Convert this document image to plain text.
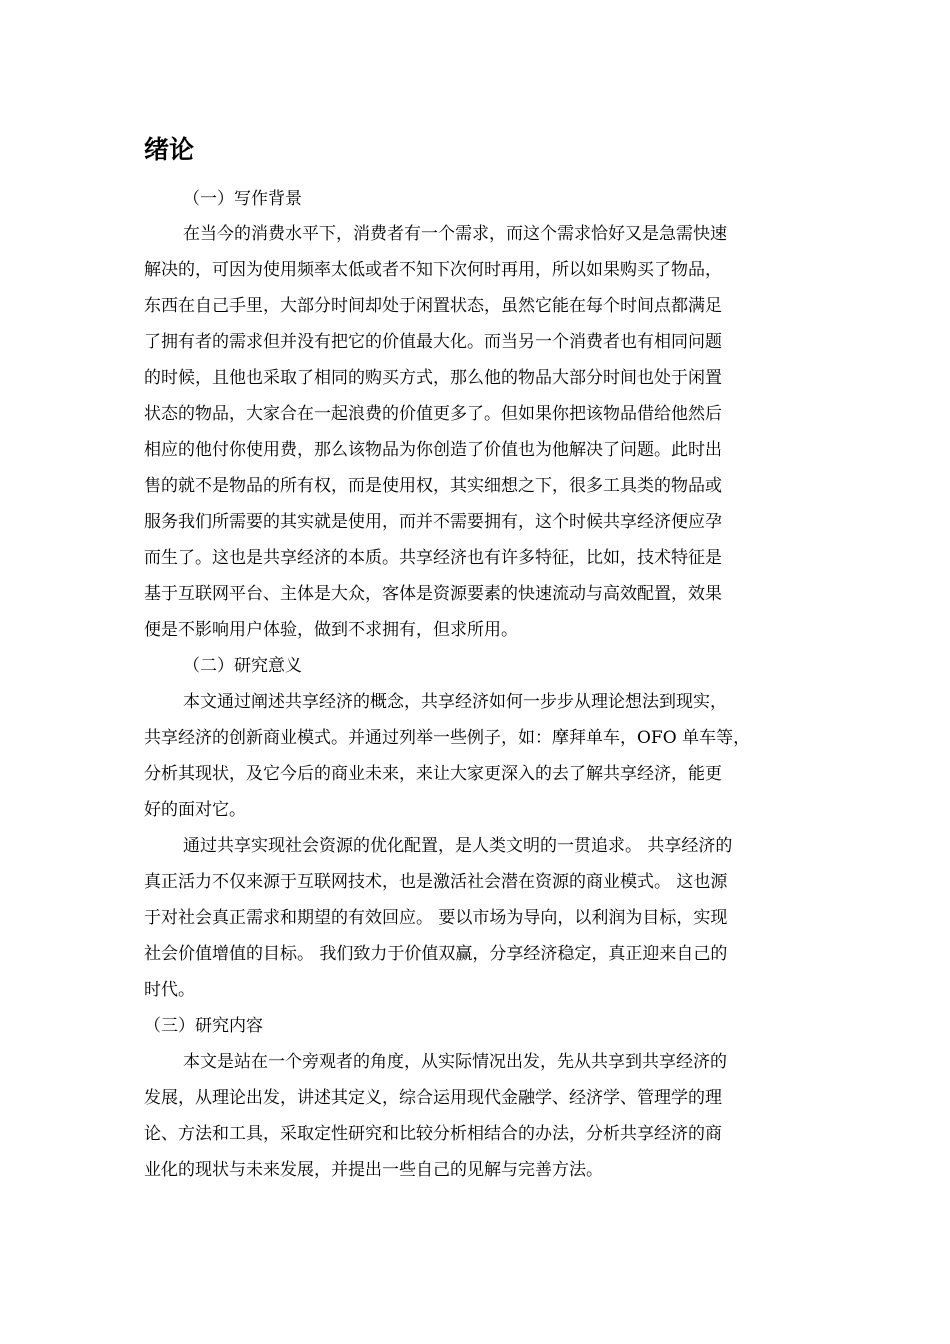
绪论
（一）写作背景
在当今的消费水平下，消费者有一个需求，而这个需求恰好又是急需快速
解决的，可因为使用频率太低或者不知下次何时再用，所以如果购买了物品，
东西在自己手里，大部分时间却处于闲置状态，虽然它能在每个时间点都满足
了拥有者的需求但并没有把它的价值最大化。而当另一个消费者也有相同问题
的时候，且他也采取了相同的购买方式，那么他的物品大部分时间也处于闲置
状态的物品，大家合在一起浪费的价值更多了。但如果你把该物品借给他然后
相应的他付你使用费，那么该物品为你创造了价值也为他解决了问题。此时出
售的就不是物品的所有权，而是使用权，其实细想之下，很多工具类的物品或
服务我们所需要的其实就是使用，而并不需要拥有，这个时候共享经济便应孕
而生了。这也是共享经济的本质。共享经济也有许多特征，比如，技术特征是
基于互联网平台、主体是大众，客体是资源要素的快速流动与高效配置，效果
便是不影响用户体验，做到不求拥有，但求所用。
（二）研究意义
本文通过阐述共享经济的概念，共享经济如何一步步从理论想法到现实，
共享经济的创新商业模式。并通过列举一些例子，如：摩拜单车，OFO 单车等，
分析其现状，及它今后的商业未来，来让大家更深入的去了解共享经济，能更
好的面对它。
通过共享实现社会资源的优化配置，是人类文明的一贯追求。 共享经济的
真正活力不仅来源于互联网技术，也是激活社会潜在资源的商业模式。 这也源
于对社会真正需求和期望的有效回应。 要以市场为导向，以利润为目标，实现
社会价值增值的目标。 我们致力于价值双赢，分享经济稳定，真正迎来自己的
时代。
（三）研究内容
本文是站在一个旁观者的角度，从实际情况出发，先从共享到共享经济的
发展，从理论出发，讲述其定义，综合运用现代金融学、经济学、管理学的理
论、方法和工具，采取定性研究和比较分析相结合的办法，分析共享经济的商
业化的现状与未来发展，并提出一些自己的见解与完善方法。
